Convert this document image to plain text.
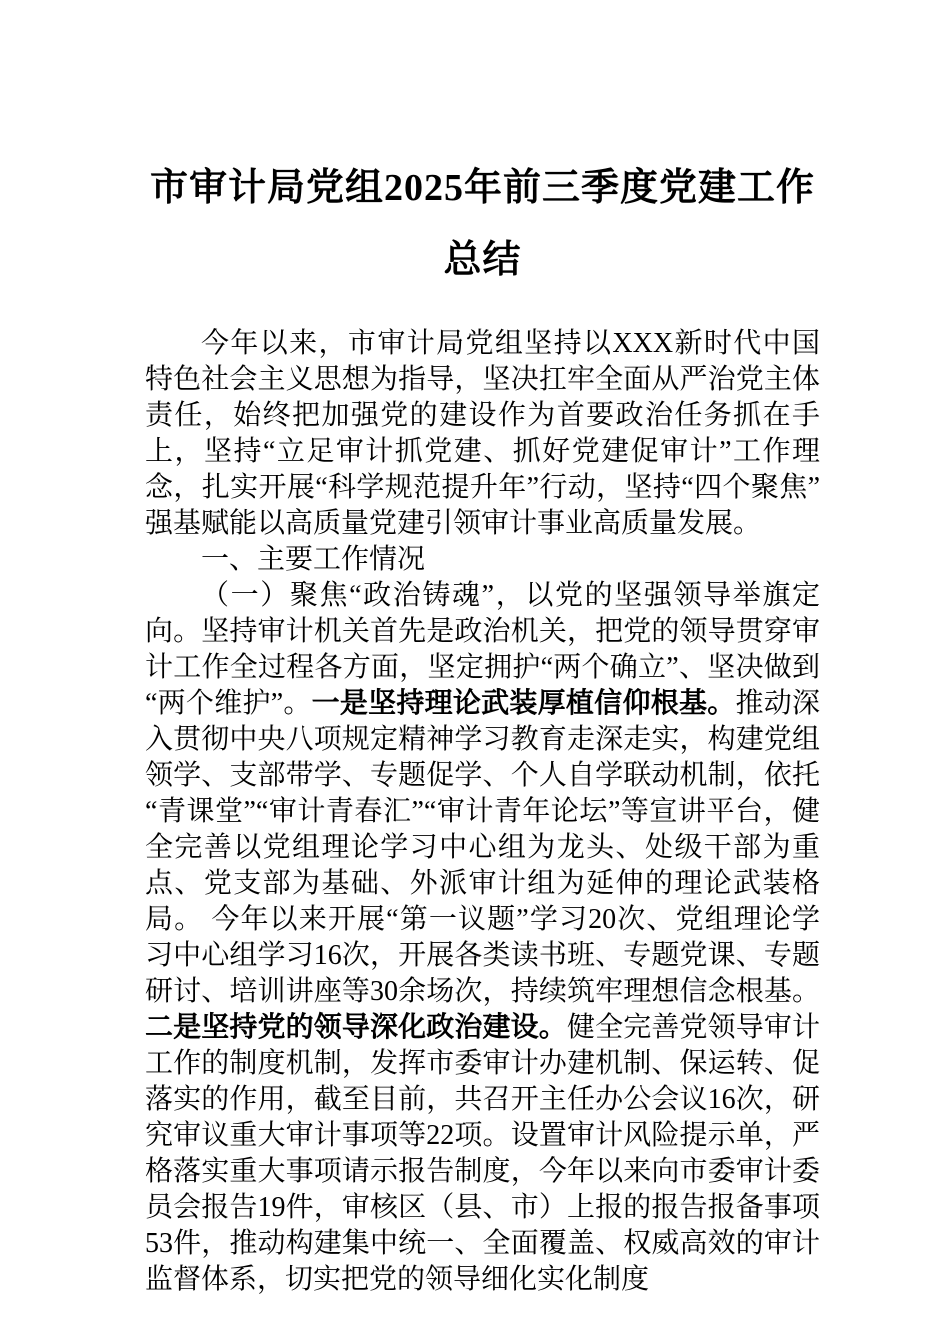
市审计局党组2025年前三季度党建工作总结

今年以来，市审计局党组坚持以XXX新时代中国特色社会主义思想为指导，坚决扛牢全面从严治党主体责任，始终把加强党的建设作为首要政治任务抓在手上，坚持“立足审计抓党建、抓好党建促审计”工作理念，扎实开展“科学规范提升年”行动，坚持“四个聚焦”强基赋能以高质量党建引领审计事业高质量发展。

一、主要工作情况

（一）聚焦“政治铸魂”，以党的坚强领导举旗定向。坚持审计机关首先是政治机关，把党的领导贯穿审计工作全过程各方面，坚定拥护“两个确立”、坚决做到“两个维护”。一是坚持理论武装厚植信仰根基。推动深入贯彻中央八项规定精神学习教育走深走实，构建党组领学、支部带学、专题促学、个人自学联动机制，依托“青课堂”“审计青春汇”“审计青年论坛”等宣讲平台，健全完善以党组理论学习中心组为龙头、处级干部为重点、党支部为基础、外派审计组为延伸的理论武装格局。 今年以来开展“第一议题”学习20次、党组理论学习中心组学习16次，开展各类读书班、专题党课、专题研讨、培训讲座等30余场次，持续筑牢理想信念根基。二是坚持党的领导深化政治建设。健全完善党领导审计工作的制度机制，发挥市委审计办建机制、保运转、促落实的作用，截至目前，共召开主任办公会议16次，研究审议重大审计事项等22项。设置审计风险提示单，严格落实重大事项请示报告制度，今年以来向市委审计委员会报告19件，审核区（县、市）上报的报告报备事项53件，推动构建集中统一、全面覆盖、权威高效的审计监督体系，切实把党的领导细化实化制度
